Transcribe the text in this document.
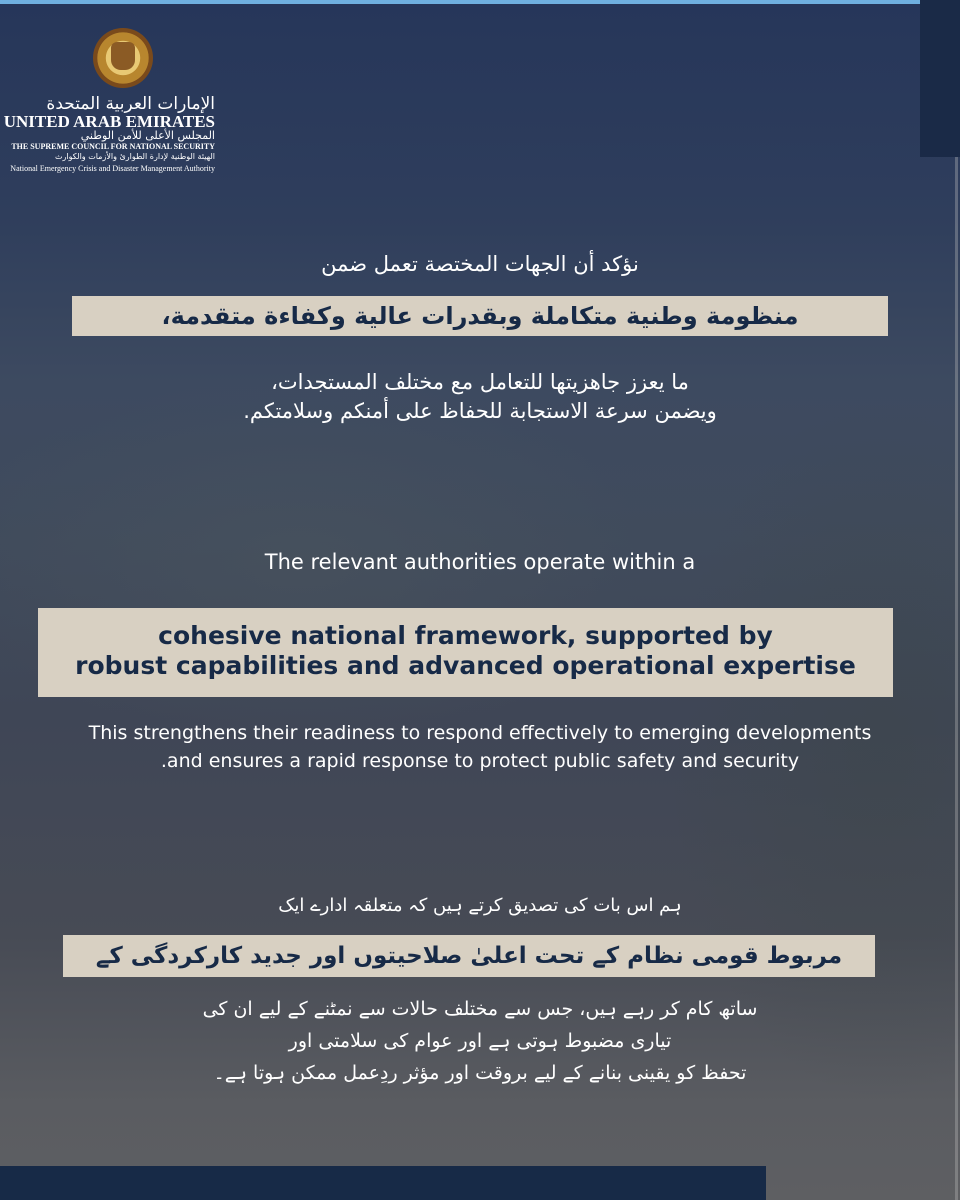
الإمارات العربية المتحدة
UNITED ARAB EMIRATES
المجلس الأعلى للأمن الوطني
THE SUPREME COUNCIL FOR NATIONAL SECURITY
الهيئة الوطنية لإدارة الطوارئ والأزمات والكوارث
National Emergency Crisis and Disaster Management Authority
نؤكد أن الجهات المختصة تعمل ضمن
منظومة وطنية متكاملة وبقدرات عالية وكفاءة متقدمة،
ما يعزز جاهزيتها للتعامل مع مختلف المستجدات،
ويضمن سرعة الاستجابة للحفاظ على أمنكم وسلامتكم.
The relevant authorities operate within a
cohesive national framework, supported by
robust capabilities and advanced operational expertise
This strengthens their readiness to respond effectively to emerging developments
.and ensures a rapid response to protect public safety and security
ہم اس بات کی تصدیق کرتے ہیں کہ متعلقہ ادارے ایک
مربوط قومی نظام کے تحت اعلیٰ صلاحیتوں اور جدید کارکردگی کے
ساتھ کام کر رہے ہیں، جس سے مختلف حالات سے نمٹنے کے لیے ان کی
تیاری مضبوط ہوتی ہے اور عوام کی سلامتی اور
تحفظ کو یقینی بنانے کے لیے بروقت اور مؤثر ردِعمل ممکن ہوتا ہے۔
